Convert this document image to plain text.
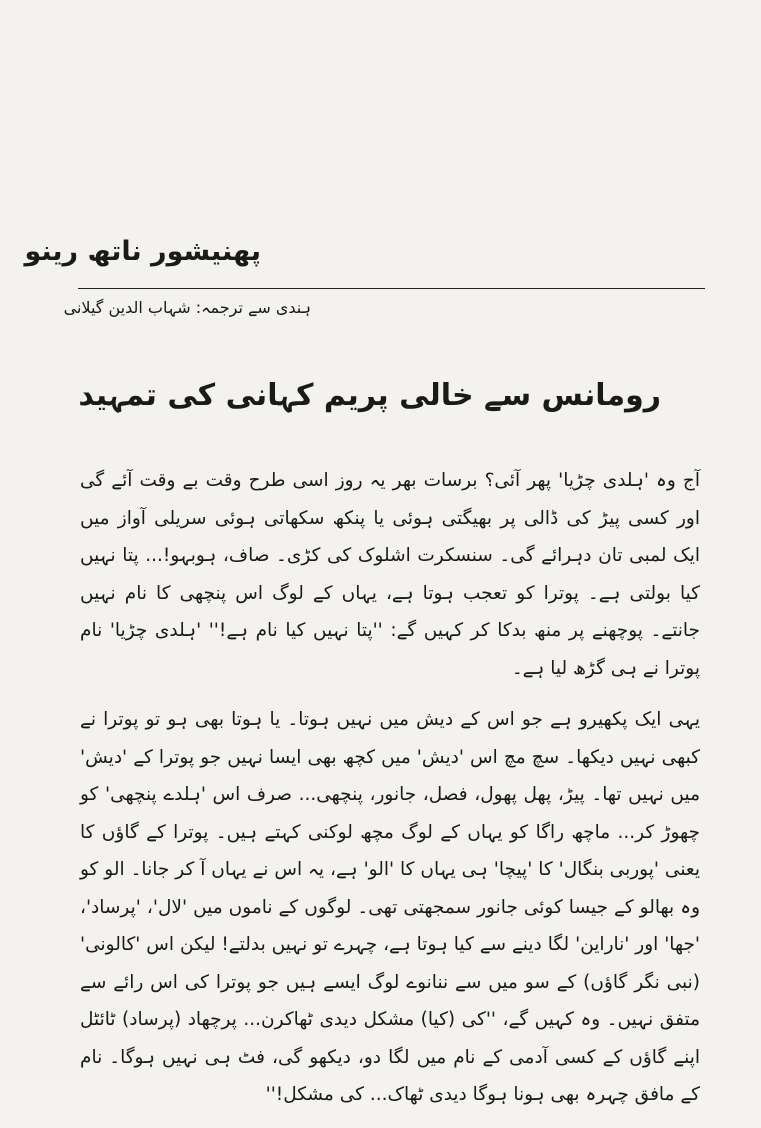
پھنیشور ناتھ رینو

ہندی سے ترجمہ: شہاب الدین گیلانی

رومانس سے خالی پریم کہانی کی تمہید

آج وہ 'ہلدی چڑیا' پھر آئی؟ برسات بھر یہ روز اسی طرح وقت بے وقت آئے گی اور کسی پیڑ کی ڈالی پر بھیگتی ہوئی یا پنکھ سکھاتی ہوئی سریلی آواز میں ایک لمبی تان دہرائے گی۔ سنسکرت اشلوک کی کڑی۔ صاف، ہوبہو!... پتا نہیں کیا بولتی ہے۔ پوترا کو تعجب ہوتا ہے، یہاں کے لوگ اس پنچھی کا نام نہیں جانتے۔ پوچھنے پر منھ بدکا کر کہیں گے: ''پتا نہیں کیا نام ہے!'' 'ہلدی چڑیا' نام پوترا نے ہی گڑھ لیا ہے۔

یہی ایک پکھیرو ہے جو اس کے دیش میں نہیں ہوتا۔ یا ہوتا بھی ہو تو پوترا نے کبھی نہیں دیکھا۔ سچ مچ اس 'دیش' میں کچھ بھی ایسا نہیں جو پوترا کے 'دیش' میں نہیں تھا۔ پیڑ، پھل پھول، فصل، جانور، پنچھی... صرف اس 'ہلدے پنچھی' کو چھوڑ کر... ماچھ راگا کو یہاں کے لوگ مچھ لوکنی کہتے ہیں۔ پوترا کے گاؤں کا یعنی 'پوربی بنگال' کا 'پیچا' ہی یہاں کا 'الو' ہے، یہ اس نے یہاں آ کر جانا۔ الو کو وہ بھالو کے جیسا کوئی جانور سمجھتی تھی۔ لوگوں کے ناموں میں 'لال'، 'پرساد'، 'جھا' اور 'ناراین' لگا دینے سے کیا ہوتا ہے، چہرے تو نہیں بدلتے! لیکن اس 'کالونی' (نبی نگر گاؤں) کے سو میں سے ننانوے لوگ ایسے ہیں جو پوترا کی اس رائے سے متفق نہیں۔ وہ کہیں گے، ''کی (کیا) مشکل دیدی ٹھاکرن... پرچھاد (پرساد) ٹائٹل اپنے گاؤں کے کسی آدمی کے نام میں لگا دو، دیکھو گی، فٹ ہی نہیں ہوگا۔ نام کے مافق چہرہ بھی ہونا ہوگا دیدی ٹھاک... کی مشکل!''
